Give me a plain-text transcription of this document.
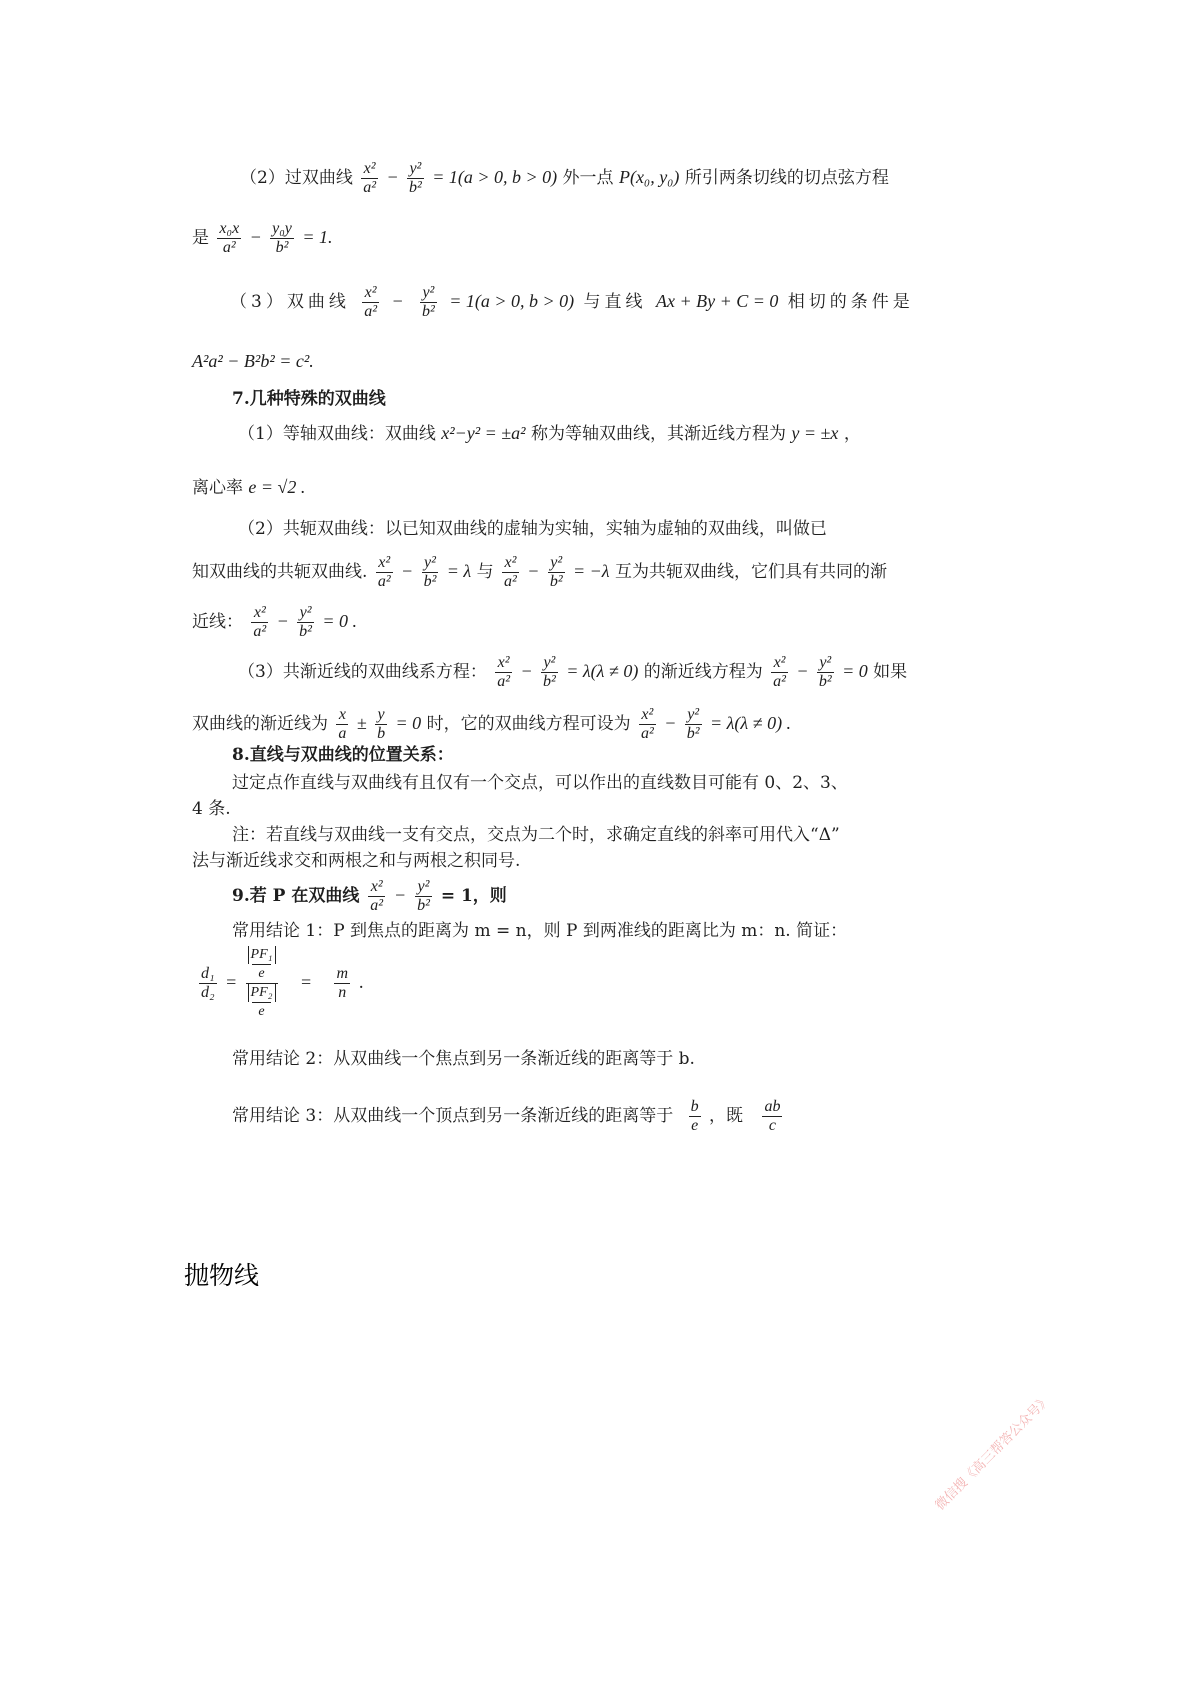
（2）过双曲线 $\frac{\text{x²}}{\text{a²}} - \frac{\text{y²}}{\text{b²}} = 1(a > 0$, b > 0) 外一点 P(x₀, y₀) 所引两条切线的切点弦方程
是 $\frac{\text{x₀x}}{\text{a²}} - \frac{\text{y₀y}}{\text{b²}} = 1$.
（3）双曲线 $\frac{\text{x²}}{\text{a²}} - \frac{\text{y²}}{\text{b²}} = 1(a > 0$, b > 0) 与直线 Ax + By + C = 0 相切的条件是
A²a² − B²b² = c².
7.几种特殊的双曲线
（1）等轴双曲线：双曲线 x²−y² = ±a² 称为等轴双曲线，其渐近线方程为 y = ±x ，
离心率 e = √2 .
（2）共轭双曲线：以已知双曲线的虚轴为实轴，实轴为虚轴的双曲线，叫做已
知双曲线的共轭双曲线. $\frac{\text{x²}}{\text{a²}} - \frac{\text{y²}}{\text{b²}} = \lambda$ 与 $\frac{\text{x²}}{\text{a²}} - \frac{\text{y²}}{\text{b²}} = -\lambda$ 互为共轭双曲线，它们具有共同的渐
近线： $\frac{\text{x²}}{\text{a²}} - \frac{\text{y²}}{\text{b²}} = 0$ .
（3）共渐近线的双曲线系方程： $\frac{\text{x²}}{\text{a²}} - \frac{\text{y²}}{\text{b²}} = \lambda(\lambda \ne 0)$ 的渐近线方程为 $\frac{\text{x²}}{\text{a²}} - \frac{\text{y²}}{\text{b²}} = 0$ 如果
双曲线的渐近线为 $\frac{x}{a} \pm \frac{y}{b} = 0$ 时，它的双曲线方程可设为 $\frac{\text{x²}}{\text{a²}} - \frac{\text{y²}}{\text{b²}} = \lambda(\lambda \ne 0)$ .
8.直线与双曲线的位置关系：
过定点作直线与双曲线有且仅有一个交点，可以作出的直线数目可能有 0、2、3、
4 条.
注：若直线与双曲线一支有交点，交点为二个时，求确定直线的斜率可用代入“Δ”
法与渐近线求交和两根之和与两根之积同号.
9.若 P 在双曲线 $\frac{\text{x²}}{\text{a²}} - \frac{\text{y²}}{\text{b²}} = 1$，则
常用结论 1：P 到焦点的距离为 m = n，则 P 到两准线的距离比为 m：n. 简证：
$\frac{\text{d₁}}{\text{d₂}}$ =
PF₁
e
PF₂
e
= $\frac{m}{n}$ .
常用结论 2：从双曲线一个焦点到另一条渐近线的距离等于 b.
常用结论 3：从双曲线一个顶点到另一条渐近线的距离等于 $\frac{b}{e}$ ，既 $\frac{ab}{c}$
抛物线
微信搜《高三帮答公众号》
